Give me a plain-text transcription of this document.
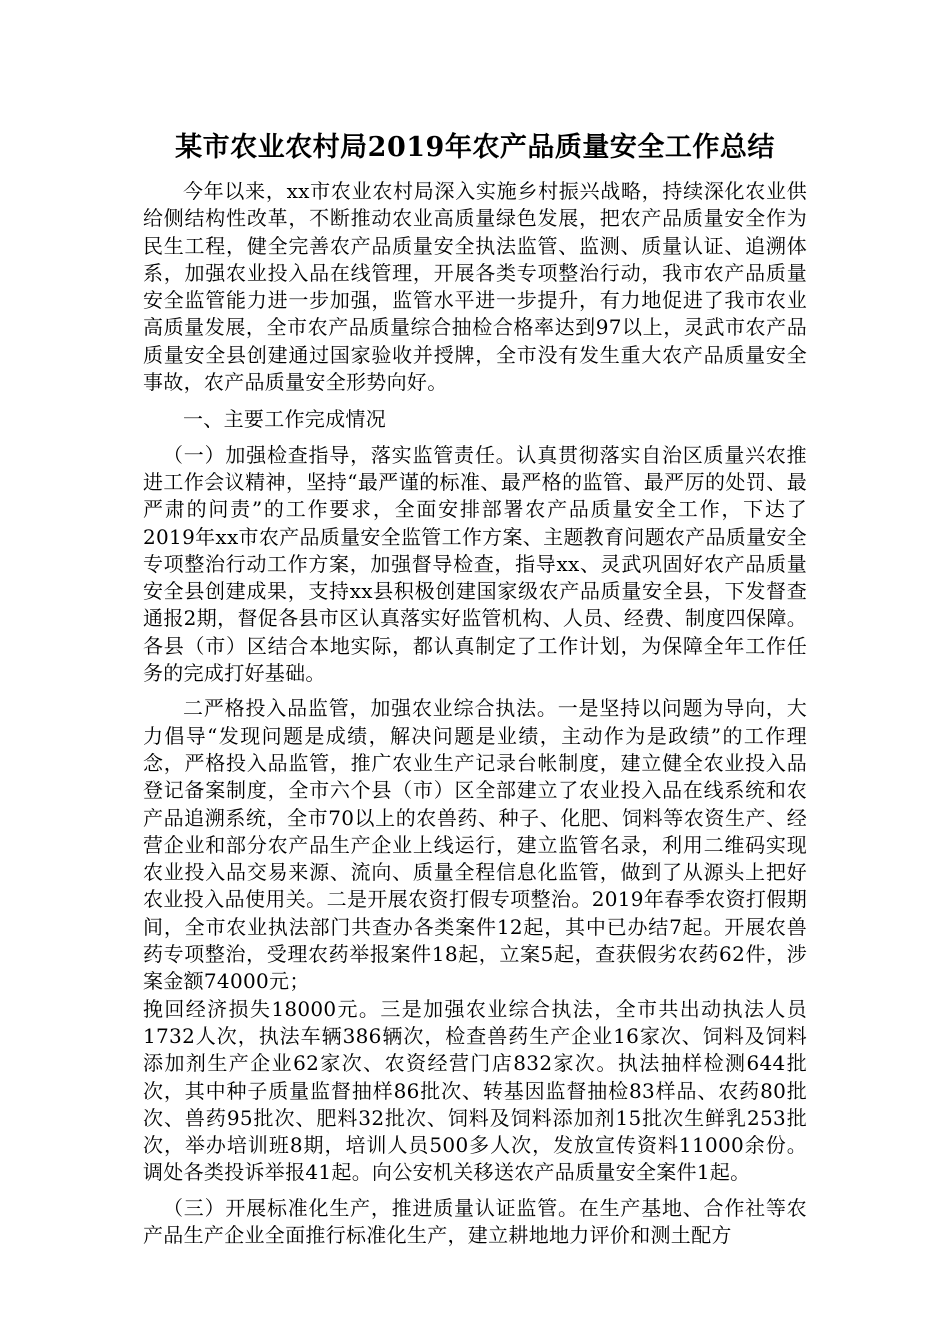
某市农业农村局2019年农产品质量安全工作总结

今年以来，xx市农业农村局深入实施乡村振兴战略，持续深化农业供给侧结构性改革，不断推动农业高质量绿色发展，把农产品质量安全作为民生工程，健全完善农产品质量安全执法监管、监测、质量认证、追溯体系，加强农业投入品在线管理，开展各类专项整治行动，我市农产品质量安全监管能力进一步加强，监管水平进一步提升，有力地促进了我市农业高质量发展，全市农产品质量综合抽检合格率达到97以上，灵武市农产品质量安全县创建通过国家验收并授牌，全市没有发生重大农产品质量安全事故，农产品质量安全形势向好。

一、主要工作完成情况

（一）加强检查指导，落实监管责任。认真贯彻落实自治区质量兴农推进工作会议精神，坚持“最严谨的标准、最严格的监管、最严厉的处罚、最严肃的问责”的工作要求，全面安排部署农产品质量安全工作，下达了2019年xx市农产品质量安全监管工作方案、主题教育问题农产品质量安全专项整治行动工作方案，加强督导检查，指导xx、灵武巩固好农产品质量安全县创建成果，支持xx县积极创建国家级农产品质量安全县，下发督查通报2期，督促各县市区认真落实好监管机构、人员、经费、制度四保障。各县（市）区结合本地实际，都认真制定了工作计划，为保障全年工作任务的完成打好基础。

二严格投入品监管，加强农业综合执法。一是坚持以问题为导向，大力倡导“发现问题是成绩，解决问题是业绩，主动作为是政绩”的工作理念，严格投入品监管，推广农业生产记录台帐制度，建立健全农业投入品登记备案制度，全市六个县（市）区全部建立了农业投入品在线系统和农产品追溯系统，全市70以上的农兽药、种子、化肥、饲料等农资生产、经营企业和部分农产品生产企业上线运行，建立监管名录，利用二维码实现农业投入品交易来源、流向、质量全程信息化监管，做到了从源头上把好农业投入品使用关。二是开展农资打假专项整治。2019年春季农资打假期间，全市农业执法部门共查办各类案件12起，其中已办结7起。开展农兽药专项整治，受理农药举报案件18起，立案5起，查获假劣农药62件，涉案金额74000元；
挽回经济损失18000元。三是加强农业综合执法，全市共出动执法人员1732人次，执法车辆386辆次，检查兽药生产企业16家次、饲料及饲料添加剂生产企业62家次、农资经营门店832家次。执法抽样检测644批次，其中种子质量监督抽样86批次、转基因监督抽检83样品、农药80批次、兽药95批次、肥料32批次、饲料及饲料添加剂15批次生鲜乳253批次，举办培训班8期，培训人员500多人次，发放宣传资料11000余份。调处各类投诉举报41起。向公安机关移送农产品质量安全案件1起。

（三）开展标准化生产，推进质量认证监管。在生产基地、合作社等农产品生产企业全面推行标准化生产，建立耕地地力评价和测土配方
